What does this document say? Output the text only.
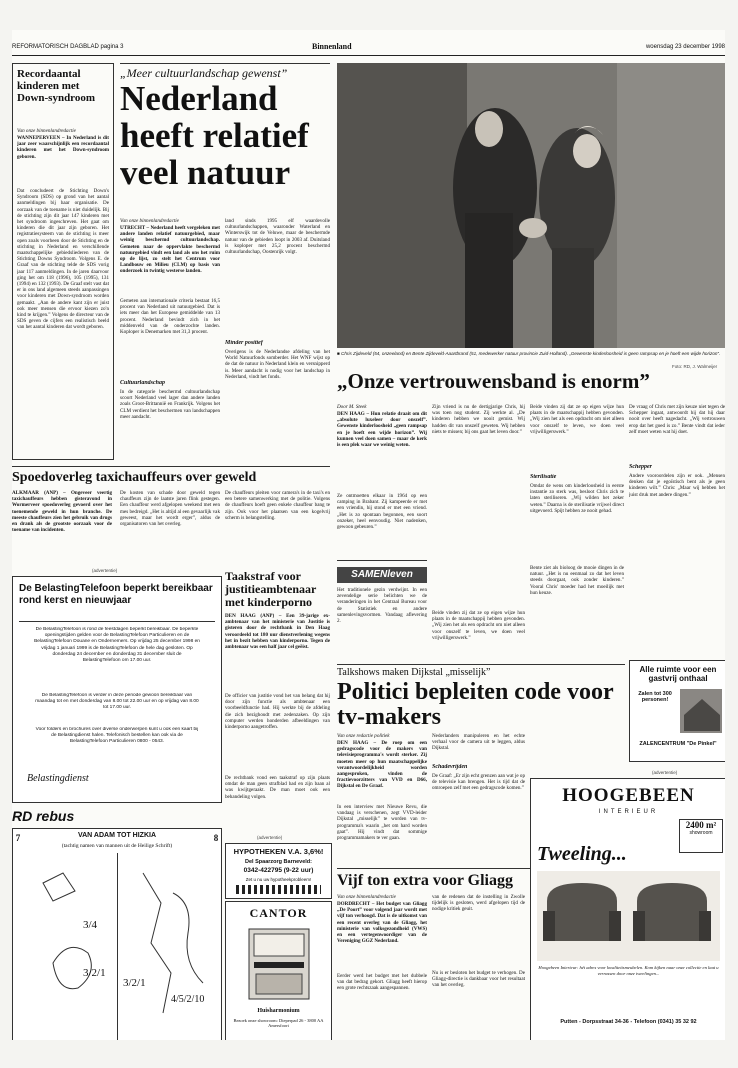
REFORMATORISCH DAGBLAD pagina 3	Binnenland	woensdag 23 december 1998
Recordaantal kinderen met Down-syndroom
Van onze binnenlandredactie
WANNEPERVEEN – In Nederland is dit jaar zeer waarschijnlijk een recordaantal kinderen met het Down-syndroom geboren.
Dat concludeert de Stichting Down's Syndroom (SDS) op grond van het aantal aanmeldingen bij haar organisatie. De oorzaak van de toename is niet duidelijk. Bij de stichting zijn dit jaar 147 kinderen met het syndroom ingeschreven. Het gaat om kinderen die dit jaar zijn geboren. Het registratiesysteem van de stichting is meer open zoals voorheen door de Stichting en de stichting in Nederland en verschillende maatschappelijke gebiedsliederen van de Stichting Downs Syndroom. Volgens E. de Graaf van de stichting telde de SDS vorig jaar 117 aanmeldingen. In de jaren daarvoor ging het om 118 (1996), 105 (1995), 131 (1994) en 132 (1993). De Graaf stelt vast dat er in ons land algemeen steeds aanpassingen voor kinderen met Down-syndroom worden gemaakt. „Aan de andere kant zijn er juist ook meer mensen die ervoor kiezen zo'n kind te krijgen.” Volgens de directeur van de SDS geven de cijfers een realistisch beeld van het aantal kinderen dat wordt geboren.
„Meer cultuurlandschap gewenst”
Nederland heeft relatief veel natuur
Van onze binnenlandredactie
UTRECHT – Nederland heeft vergeleken met andere landen relatief natuurgebied, maar weinig beschermd cultuurlandschap. Gemeten naar de oppervlakte beschermd natuurgebied vindt een land als ons het ruim op de lijst, zo stelt het Centrum voor Landbouw en Milieu (CLM) op basis van onderzoek in twintig westerse landen.
Gemeten aan internationale criteria bestaat 16,5 procent van Nederland uit natuurgebied. Dat is iets meer dan het Europese gemiddelde van 13 procent. Nederland bevindt zich in het middenveld van de onderzochte landen. Koploper is Denemarken met 31,3 procent.
Cultuurlandschap
In de categorie beschermd cultuurlandschap scoort Nederland veel lager dan andere landen zoals Groot-Brittannië en Frankrijk. Volgens het CLM verdient het beschermen van landschappen meer aandacht.
land sinds 1995 elf waardevolle cultuurlandschappen, waaronder Waterland en Winterswijk tot de Veluwe, maar de beschermde natuur van de gebieden loopt in 2003 af. Duitsland is koploper met 25,2 procent beschermd cultuurlandschap, Oostenrijk volgt.
Minder positief
Overigens is de Nederlandse afdeling van het World Natuurfonds somberder. Het WNF wijst op de dat de natuur in Nederland klein en versnipperd is. Meer aandacht is nodig voor het landschap in Nederland, vindt het fonds.
■ Chris Zijdeveld (54, onzeeland) en Bente Zijdeveld-Aaartbrand (51, medewerker natuur provincie Zuid-Holland). „Gewenste kinderloosheid is geen rampsap en je hoeft een wijde horizon”.
Foto: RD, J. Walmeijer
„Onze vertrouwensband is enorm”
Door M. Steek
DEN HAAG – Hun relatie draait om dit „absolute luxeleer door onszelf”. Gewenste kinderloosheid „geen rampsap en je hoeft een wijde horizon”. Wij kunnen veel doen samen – maar de kerk is een plek waar we weinig weten.
Ze ontmoetten elkaar in 1964 op een camping in Brabant. Zij kampeerde er met een vriendin, hij stond er met een vriend. „Het is zo spontaan begonnen, een soort onzeker, heel eenvoudig. Niet nadenken, gewoon gebeuren.”
Zijn vriend is nu de dertigjarige Chris, hij was toen nog student. Zij werkte al. „De kinderen hebben we nooit gemist. Wij hadden dit van onszelf geweten. Wij hebben niets te missen; bij ons gaat het leven door.”
Beide vinden zij dat ze op eigen wijze hun plaats in de maatschappij hebben gevonden. „Wij zien het als een opdracht om niet alleen voor onszelf te leven, we doen veel vrijwilligerswerk.”
Sterilisatie
Omdat de wens om kinderloosheid in eerste instantie zo sterk was, besloot Chris zich te laten steriliseren. „Wij wilden het zeker weten.” Daarna is de sterilisatie vrijwel direct uitgevoerd. Spijt hebben ze nooit gehad.
Bente ziet als bioloog de mooie dingen in de natuur. „Het is nu eenmaal zo dat het leven steeds doorgaat, ook zonder kinderen.” Vooral Chris' moeder had het moeilijk met hun keuze.
De vraag of Chris met zijn keuze niet tegen de Schepper ingaat, antwoordt hij dat hij daar nooit over heeft nagedacht. „Wij vertrouwen erop dat het goed is zo.” Bente vindt dat ieder zelf moet weten wat hij doet.
Schepper
Andere vooroordelen zijn er ook. „Mensen denken dat je egoïstisch bent als je geen kinderen wilt.” Chris: „Maar wij hebben het juist druk met andere dingen.”
Beide vinden zij dat ze op eigen wijze hun plaats in de maatschappij hebben gevonden. „Wij zien het als een opdracht om niet alleen voor onszelf te leven, we doen veel vrijwilligerswerk.”
SAMENleven
Het traditionele gezin verdwijnt. In een zevendelige serie belichten we de veranderingen in het Centraal Bureau voor de Statistiek en andere samenlevingsvormen. Vandaag aflevering 2.
Spoedoverleg taxichauffeurs over geweld
ALKMAAR (ANP) – Ongeveer veertig taxichauffeurs hebben gisteravond in Wormerveer spoedoverleg gevoerd over het toenemende geweld in hun branche. De meeste chauffeurs zien het gebruik van drugs en drank als de grootste oorzaak voor de toename van incidenten.
De kosten van schade door geweld tegen chauffeurs zijn de laatste jaren flink gestegen. Een chauffeur werd afgelopen weekend met een mes bedreigd. „Het is altijd al een gevaarlijk vak geweest, maar het wordt erger”, aldus de organisatoren van het overleg.
De chauffeurs pleiten voor camera's in de taxi's en een betere samenwerking met de politie. Volgens de chauffeurs hoeft geen enkele chauffeur bang te zijn. Ook voor het plaatsen van een kogelvrij scherm is belangstelling.
(advertentie)
De BelastingTelefoon beperkt bereikbaar rond kerst en nieuwjaar
De BelastingTelefoon is rond de feestdagen beperkt bereikbaar. De beperkte openingstijden gelden voor de BelastingTelefoon Particulieren en de BelastingTelefoon Douane en Ondernemers. Op vrijdag 25 december 1998 en vrijdag 1 januari 1999 is de BelastingTelefoon de hele dag gesloten. Op donderdag 24 december en donderdag 31 december sluit de BelastingTelefoon om 17.00 uur.
De BelastingTelefoon is verder in deze periode gewoon bereikbaar van maandag tot en met donderdag van 8.00 tot 22.00 uur en op vrijdag van 8.00 tot 17.00 uur.
Voor folders en brochures over diverse onderwerpen kunt u ook een kaart bij de Belastingdienst halen. Telefonisch bestellen kan ook via de BelastingTelefoon Particulieren 0800 - 0543.
Belastingdienst
RD rebus
VAN ADAM TOT HIZKIA
7	8
(tachtig namen van mannen uit de Heilige Schrift)
3/4
3/2/1
3/2/1
4/5/2/10
Taakstraf voor justitieambtenaar met kinderporno
DEN HAAG (ANP) – Een 39-jarige ex-ambtenaar van het ministerie van Justitie is gisteren door de rechtbank in Den Haag veroordeeld tot 180 uur dienstverlening wegens het in bezit hebben van kinderporno. Tegen de ambtenaar was een half jaar cel geëist.
De officier van justitie vond het van belang dat hij door zijn functie als ambtenaar een voorbeeldfunctie had. Hij werkte bij de afdeling die zich bezighoudt met zedenzaken. Op zijn computer werden honderden afbeeldingen van kinderporno aangetroffen.
De rechtbank vond een taakstraf op zijn plaats omdat de man geen strafblad had en zijn baan al was kwijtgeraakt. De man moet ook een behandeling volgen.
(advertentie)
HYPOTHEKEN V.A. 3,6%!
Del Spaarzorg Barneveld:
0342-422795 (9-22 uur)
Zet u nu uw hypotheekprobleem!
CANTOR
Huisharmonium
Bezoek onze showroom: Dieperpad 26 - 3800 AA Amersfoort
Talkshows maken Dijkstal „misselijk”
Politici bepleiten code voor tv-makers
Van onze redactie politiek
DEN HAAG – De roep om een gedragscode voor de makers van televisieprogramma's wordt sterker. Zij moeten meer op hun maatschappelijke verantwoordelijkheid worden aangesproken, vinden de fractievoorzitters van VVD en D66, Dijkstal en De Graaf.
In een interview met Nieuwe Revu, die vandaag is verschenen, zegt VVD-leider Dijkstal „misselijk” te worden van tv-programma's waarin „het om hard worden gaat”. Hij vindt dat sommige programmamakers te ver gaan.
Nederlanders manipuleren en het echte verhaal voor de camera uit te leggen, aldus Dijkstal.
Schadevrijden
De Graaf: „Er zijn echt grenzen aan wat je op de televisie kan brengen. Het is tijd dat de omroepen zelf met een gedragscode komen.”
Alle ruimte voor een gastvrij onthaal
Zalen tot 300 personen!
ZALENCENTRUM "De Pinkel"
Vijf ton extra voor Gliagg
Van onze binnenlandredactie
DORDRECHT – Het budget van Gliagg „De Poort” voor volgend jaar wordt met vijf ton verhoogd. Dat is de uitkomst van een recent overleg van de Gliagg, het ministerie van volksgezondheid (VWS) en een vertegenwoordiger van de Vereniging GGZ Nederland.
Eerder werd het budget met het dubbele van dat bedrag gekort. Gliagg heeft hierop een grote rechtszaak aangespannen.
van de redenen dat de instelling in Zwolle tijdelijk is gesloten, werd afgelopen tijd de nodige kritiek geuit.
Nu is er besloten het budget te verhogen. De Gliagg-directie is dankbaar voor het resultaat van het overleg.
(advertentie)
HOOGEBEEN
INTERIEUR
2400 m²
showroom
Tweeling...
Hoogebeen Interieur: hét adres voor kwaliteitsmeubelen. Kom kijken naar onze collectie en laat u verrassen door onze tweelingen...
Putten - Dorpsstraat 34-36 - Telefoon (0341) 35 32 92
